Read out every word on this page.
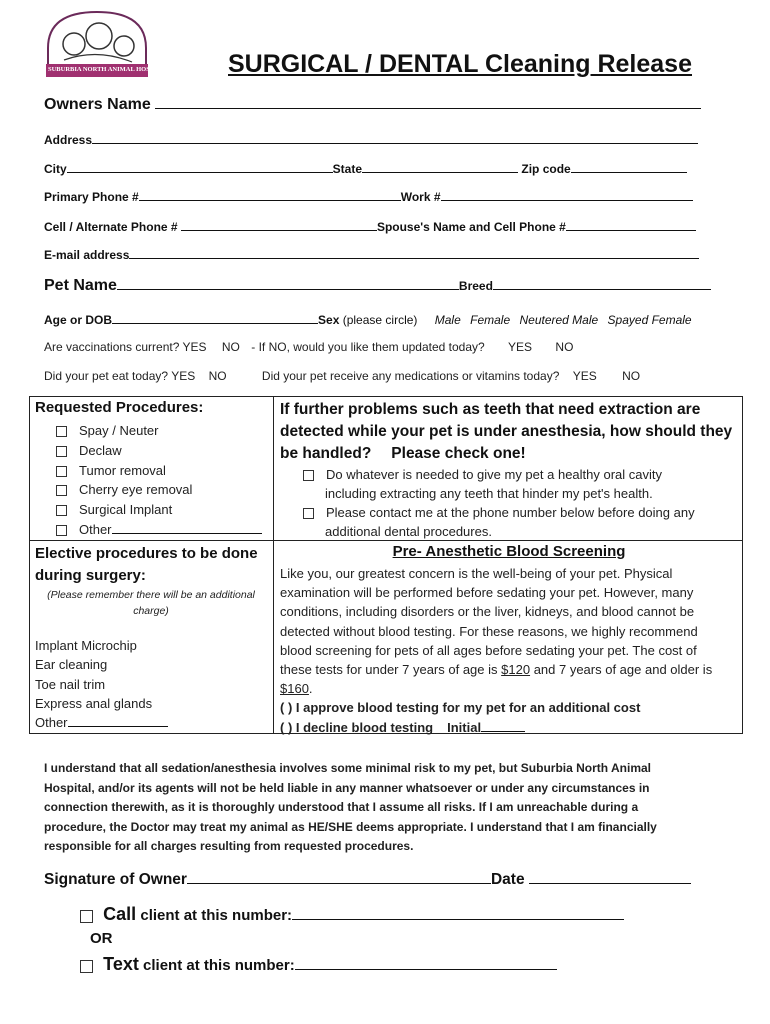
SUBURBIA NORTH ANIMAL HOSPITAL SURGICAL / DENTAL Cleaning Release
Owners Name
Address
City	State	Zip code
Primary Phone #	Work #
Cell / Alternate Phone #	Spouse's Name and Cell Phone #
E-mail address
Pet Name	Breed
Age or DOB	Sex (please circle) Male Female Neutered Male Spayed Female
Are vaccinations current? YES NO - If NO, would you like them updated today? YES NO
Did your pet eat today? YES NO	Did your pet receive any medications or vitamins today? YES NO
Requested Procedures:
Spay / Neuter
Declaw
Tumor removal
Cherry eye removal
Surgical Implant
Other
If further problems such as teeth that need extraction are
detected while your pet is under anesthesia, how should they
be handled? Please check one!
Do whatever is needed to give my pet a healthy oral cavity
including extracting any teeth that hinder my pet's health.
Please contact me at the phone number below before doing any
additional dental procedures.
Elective procedures to be done
during surgery:
(Please remember there will be an additional
charge)
Implant Microchip
Ear cleaning
Toe nail trim
Express anal glands
Other
Pre- Anesthetic Blood Screening
Like you, our greatest concern is the well-being of your pet. Physical
examination will be performed before sedating your pet. However, many
conditions, including disorders or the liver, kidneys, and blood cannot be
detected without blood testing. For these reasons, we highly recommend
blood screening for pets of all ages before sedating your pet. The cost of
these tests for under 7 years of age is $120 and 7 years of age and older is
$160.
( ) I approve blood testing for my pet for an additional cost
( ) I decline blood testing Initial
I understand that all sedation/anesthesia involves some minimal risk to my pet, but Suburbia North Animal
Hospital, and/or its agents will not be held liable in any manner whatsoever or under any circumstances in
connection therewith, as it is thoroughly understood that I assume all risks. If I am unreachable during a
procedure, the Doctor may treat my animal as HE/SHE deems appropriate. I understand that I am financially
responsible for all charges resulting from requested procedures.
Signature of Owner	Date
Call client at this number:
OR
Text client at this number:
